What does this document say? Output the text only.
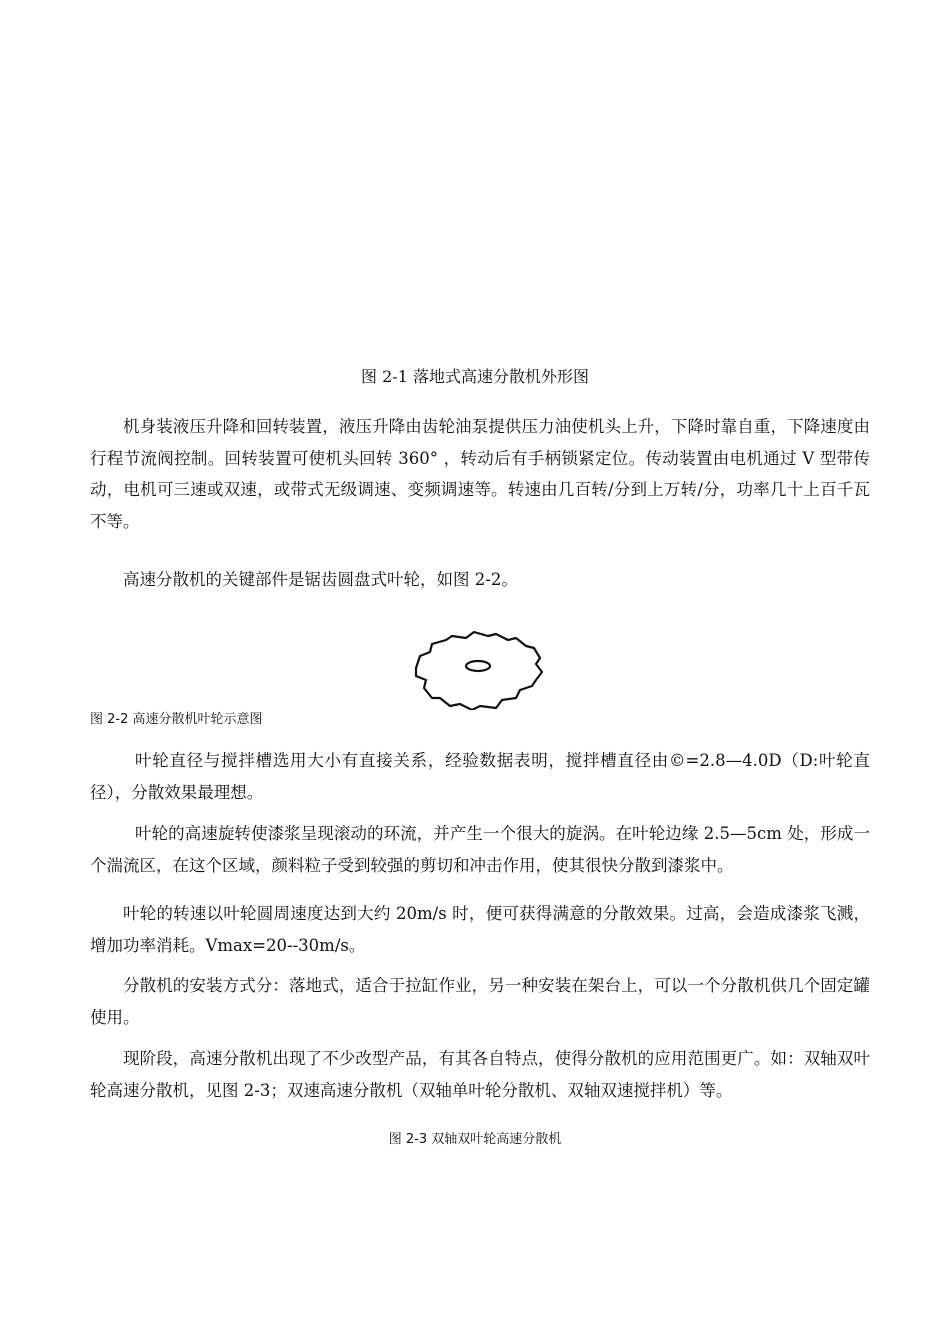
图 2-1 落地式高速分散机外形图

机身装液压升降和回转装置，液压升降由齿轮油泵提供压力油使机头上升，下降时靠自重，下降速度由行程节流阀控制。回转装置可使机头回转 360° ，转动后有手柄锁紧定位。传动装置由电机通过 V 型带传动，电机可三速或双速，或带式无级调速、变频调速等。转速由几百转/分到上万转/分，功率几十上百千瓦不等。

高速分散机的关键部件是锯齿圆盘式叶轮，如图 2-2。

图 2-2 高速分散机叶轮示意图

叶轮直径与搅拌槽选用大小有直接关系，经验数据表明，搅拌槽直径由©=2.8—4.0D（D:叶轮直径），分散效果最理想。

叶轮的高速旋转使漆浆呈现滚动的环流，并产生一个很大的旋涡。在叶轮边缘 2.5—5cm 处，形成一个湍流区，在这个区域，颜料粒子受到较强的剪切和冲击作用，使其很快分散到漆浆中。

叶轮的转速以叶轮圆周速度达到大约 20m/s 时，便可获得满意的分散效果。过高，会造成漆浆飞溅，增加功率消耗。Vmax=20--30m/s。

分散机的安装方式分：落地式，适合于拉缸作业，另一种安装在架台上，可以一个分散机供几个固定罐使用。

现阶段，高速分散机出现了不少改型产品，有其各自特点，使得分散机的应用范围更广。如：双轴双叶轮高速分散机，见图 2-3；双速高速分散机（双轴单叶轮分散机、双轴双速搅拌机）等。

图 2-3 双轴双叶轮高速分散机
